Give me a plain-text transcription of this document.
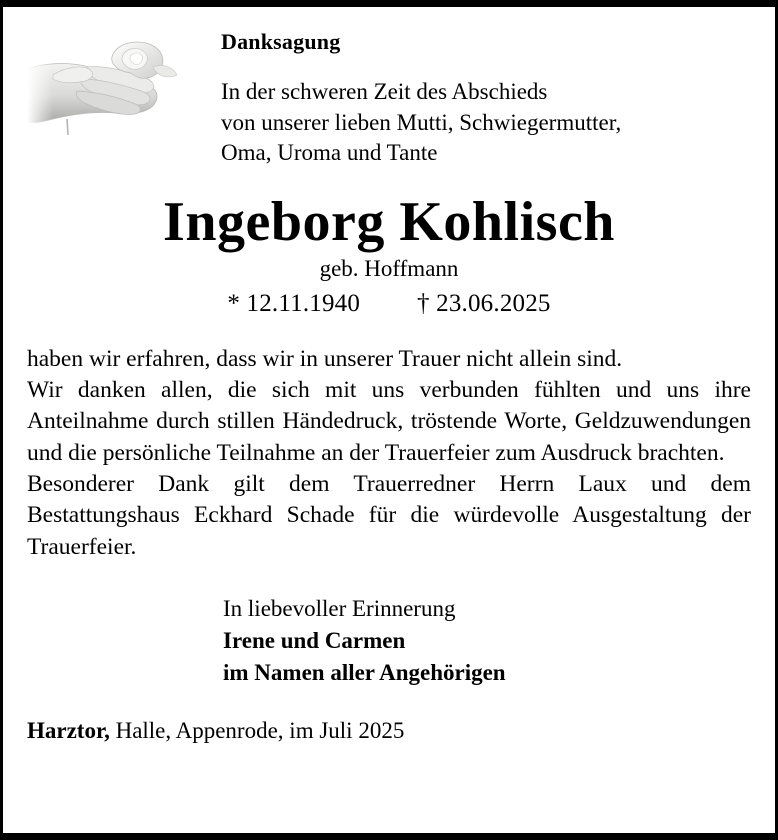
Danksagung
In der schweren Zeit des Abschieds
von unserer lieben Mutti, Schwiegermutter,
Oma, Uroma und Tante
Ingeborg Kohlisch
geb. Hoffmann
* 12.11.1940 † 23.06.2025

haben wir erfahren, dass wir in unserer Trauer nicht allein sind.

Wir danken allen, die sich mit uns verbunden fühlten und uns ihre Anteilnahme durch stillen Händedruck, tröstende Worte, Geldzuwendungen und die persönliche Teilnahme an der Trauerfeier zum Ausdruck brachten.

Besonderer Dank gilt dem Trauerredner Herrn Laux und dem Bestattungshaus Eckhard Schade für die würdevolle Ausgestaltung der Trauerfeier.

In liebevoller Erinnerung
Irene und Carmen
im Namen aller Angehörigen
Harztor, Halle, Appenrode, im Juli 2025
